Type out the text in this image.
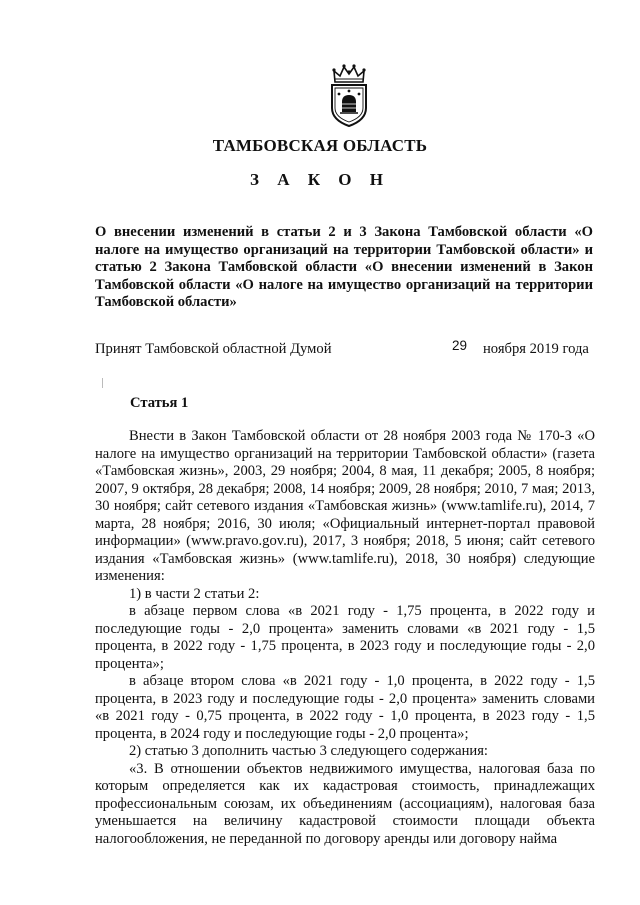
ТАМБОВСКАЯ ОБЛАСТЬ
З А К О Н
О внесении изменений в статьи 2 и 3 Закона Тамбовской области «О налоге на имущество организаций на территории Тамбовской области» и статью 2 Закона Тамбовской области «О внесении изменений в Закон Тамбовской области «О налоге на имущество организаций на территории Тамбовской области»
Принят Тамбовской областной Думой	29 ноября 2019 года
Статья 1

Внести в Закон Тамбовской области от 28 ноября 2003 года № 170-З «О налоге на имущество организаций на территории Тамбовской области» (газета «Тамбовская жизнь», 2003, 29 ноября; 2004, 8 мая, 11 декабря; 2005, 8 ноября; 2007, 9 октября, 28 декабря; 2008, 14 ноября; 2009, 28 ноября; 2010, 7 мая; 2013, 30 ноября; сайт сетевого издания «Тамбовская жизнь» (www.tamlife.ru), 2014, 7 марта, 28 ноября; 2016, 30 июля; «Официальный интернет-портал правовой информации» (www.pravo.gov.ru), 2017, 3 ноября; 2018, 5 июня; сайт сетевого издания «Тамбовская жизнь» (www.tamlife.ru), 2018, 30 ноября) следующие изменения:

1) в части 2 статьи 2:

в абзаце первом слова «в 2021 году - 1,75 процента, в 2022 году и последующие годы - 2,0 процента» заменить словами «в 2021 году - 1,5 процента, в 2022 году - 1,75 процента, в 2023 году и последующие годы - 2,0 процента»;

в абзаце втором слова «в 2021 году - 1,0 процента, в 2022 году - 1,5 процента, в 2023 году и последующие годы - 2,0 процента» заменить словами «в 2021 году - 0,75 процента, в 2022 году - 1,0 процента, в 2023 году - 1,5 процента, в 2024 году и последующие годы - 2,0 процента»;

2) статью 3 дополнить частью 3 следующего содержания:

«3. В отношении объектов недвижимого имущества, налоговая база по которым определяется как их кадастровая стоимость, принадлежащих профессиональным союзам, их объединениям (ассоциациям), налоговая база уменьшается на величину кадастровой стоимости площади объекта налогообложения, не переданной по договору аренды или договору найма
